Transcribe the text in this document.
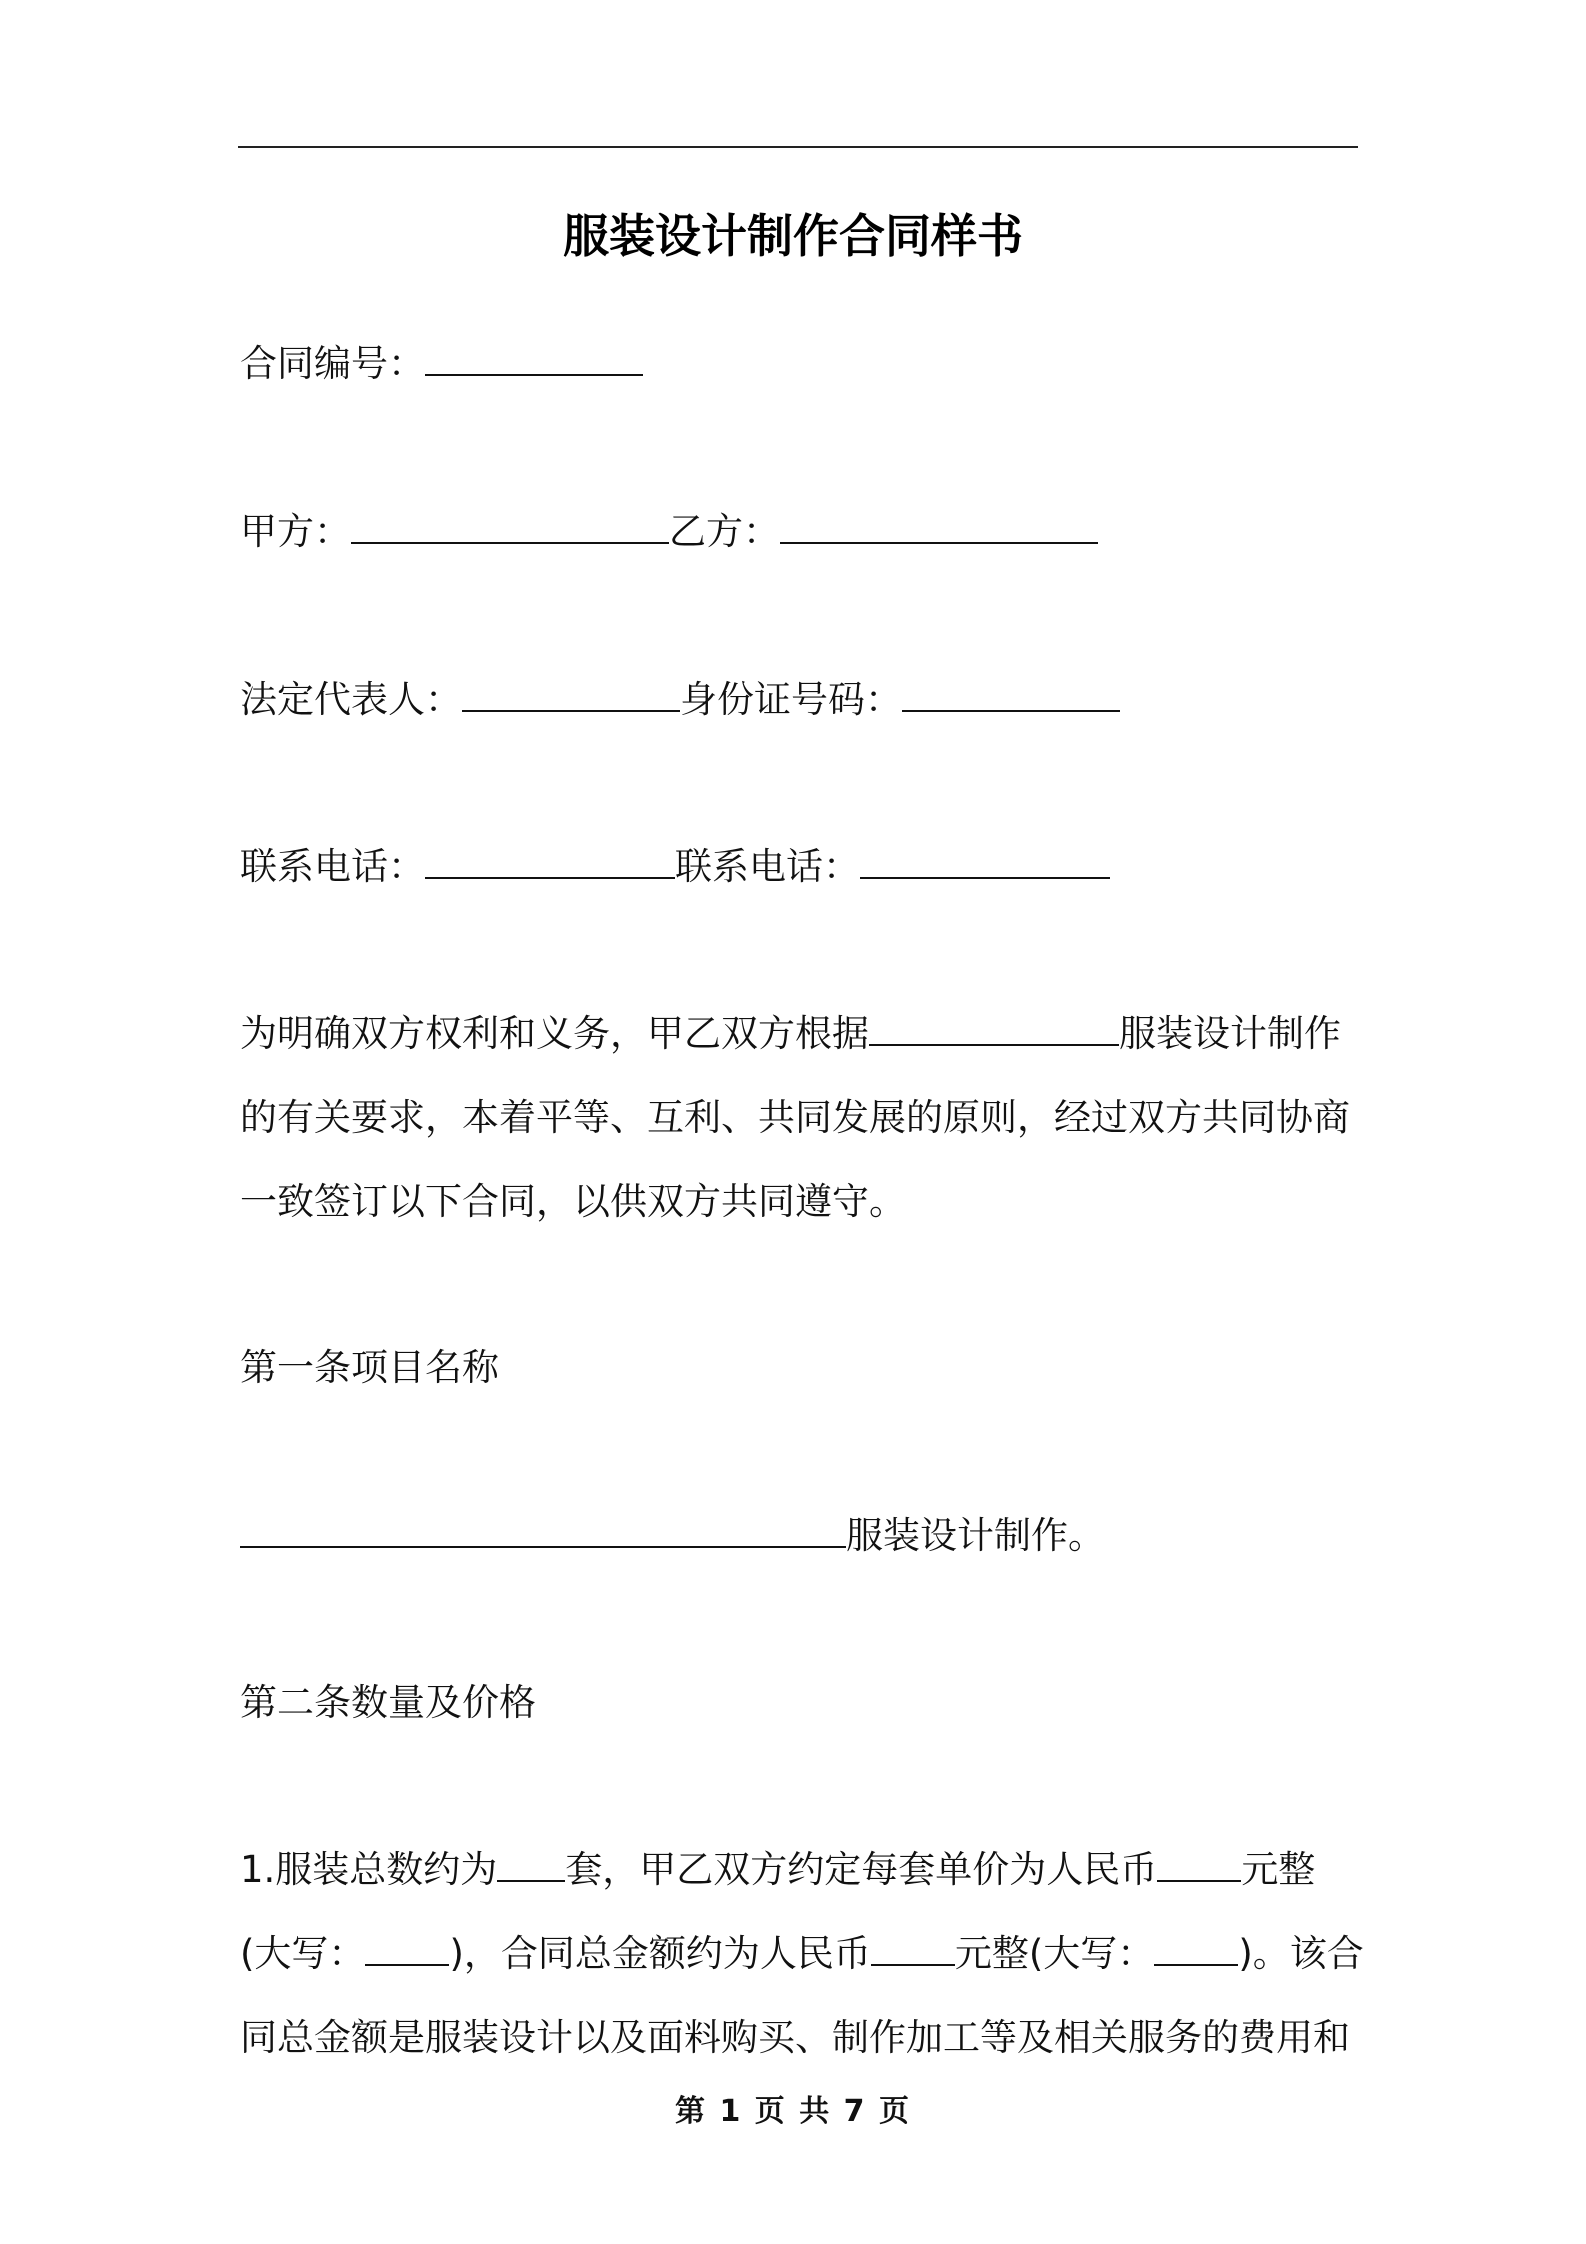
服装设计制作合同样书
合同编号：
甲方：	乙方：
法定代表人：	身份证号码：
联系电话：	联系电话：
为明确双方权利和义务，甲乙双方根据	服装设计制作
的有关要求，本着平等、互利、共同发展的原则，经过双方共同协商
一致签订以下合同，以供双方共同遵守。
第一条项目名称
服装设计制作。
第二条数量及价格
1.服装总数约为 套，甲乙双方约定每套单价为人民币 元整
(大写： )，合同总金额约为人民币 元整(大写： )。该合
同总金额是服装设计以及面料购买、制作加工等及相关服务的费用和
第 1 页 共 7 页
